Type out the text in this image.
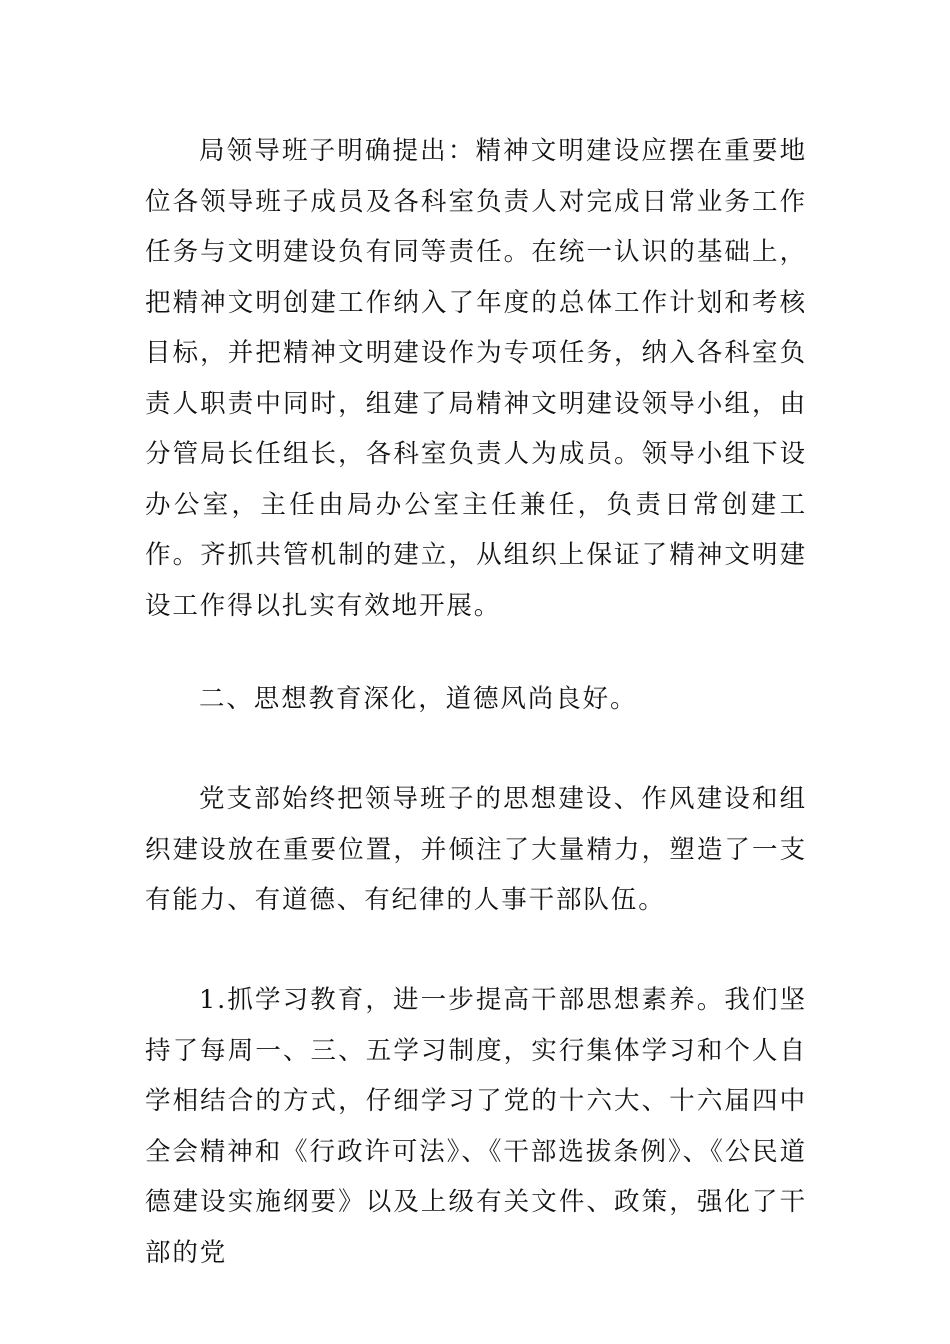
局领导班子明确提出：精神文明建设应摆在重要地位各领导班子成员及各科室负责人对完成日常业务工作任务与文明建设负有同等责任。在统一认识的基础上，把精神文明创建工作纳入了年度的总体工作计划和考核目标，并把精神文明建设作为专项任务，纳入各科室负责人职责中同时，组建了局精神文明建设领导小组，由分管局长任组长，各科室负责人为成员。领导小组下设办公室，主任由局办公室主任兼任，负责日常创建工作。齐抓共管机制的建立，从组织上保证了精神文明建设工作得以扎实有效地开展。

二、思想教育深化，道德风尚良好。

党支部始终把领导班子的思想建设、作风建设和组织建设放在重要位置，并倾注了大量精力，塑造了一支有能力、有道德、有纪律的人事干部队伍。

1.抓学习教育，进一步提高干部思想素养。我们坚持了每周一、三、五学习制度，实行集体学习和个人自学相结合的方式，仔细学习了党的十六大、十六届四中全会精神和《行政许可法》、《干部选拔条例》、《公民道德建设实施纲要》以及上级有关文件、政策，强化了干部的党
